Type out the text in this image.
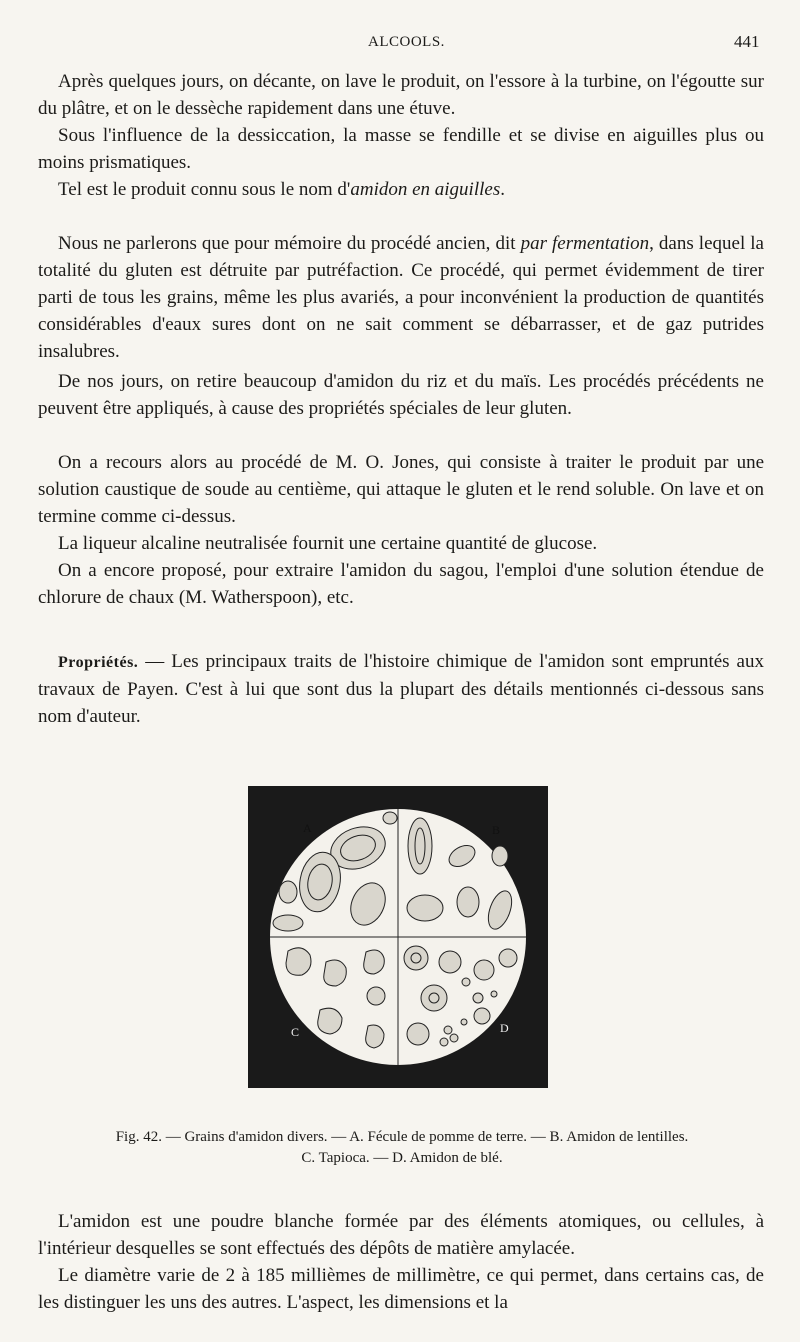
ALCOOLS.	441

Après quelques jours, on décante, on lave le produit, on l'essore à la turbine, on l'égoutte sur du plâtre, et on le dessèche rapidement dans une étuve.

Sous l'influence de la dessiccation, la masse se fendille et se divise en aiguilles plus ou moins prismatiques.

Tel est le produit connu sous le nom d'amidon en aiguilles.

Nous ne parlerons que pour mémoire du procédé ancien, dit par fermentation, dans lequel la totalité du gluten est détruite par putréfaction. Ce procédé, qui permet évidemment de tirer parti de tous les grains, même les plus avariés, a pour inconvénient la production de quantités considérables d'eaux sures dont on ne sait comment se débarrasser, et de gaz putrides insalubres.

De nos jours, on retire beaucoup d'amidon du riz et du maïs. Les procédés précédents ne peuvent être appliqués, à cause des propriétés spéciales de leur gluten.

On a recours alors au procédé de M. O. Jones, qui consiste à traiter le produit par une solution caustique de soude au centième, qui attaque le gluten et le rend soluble. On lave et on termine comme ci-dessus.

La liqueur alcaline neutralisée fournit une certaine quantité de glucose.

On a encore proposé, pour extraire l'amidon du sagou, l'emploi d'une solution étendue de chlorure de chaux (M. Watherspoon), etc.

Propriétés. — Les principaux traits de l'histoire chimique de l'amidon sont empruntés aux travaux de Payen. C'est à lui que sont dus la plupart des détails mentionnés ci-dessous sans nom d'auteur.

A	B
C	D
Fig. 42. — Grains d'amidon divers. — A. Fécule de pomme de terre. — B. Amidon de lentilles.
C. Tapioca. — D. Amidon de blé.

L'amidon est une poudre blanche formée par des éléments atomiques, ou cellules, à l'intérieur desquelles se sont effectués des dépôts de matière amylacée.

Le diamètre varie de 2 à 185 millièmes de millimètre, ce qui permet, dans certains cas, de les distinguer les uns des autres. L'aspect, les dimensions et la
